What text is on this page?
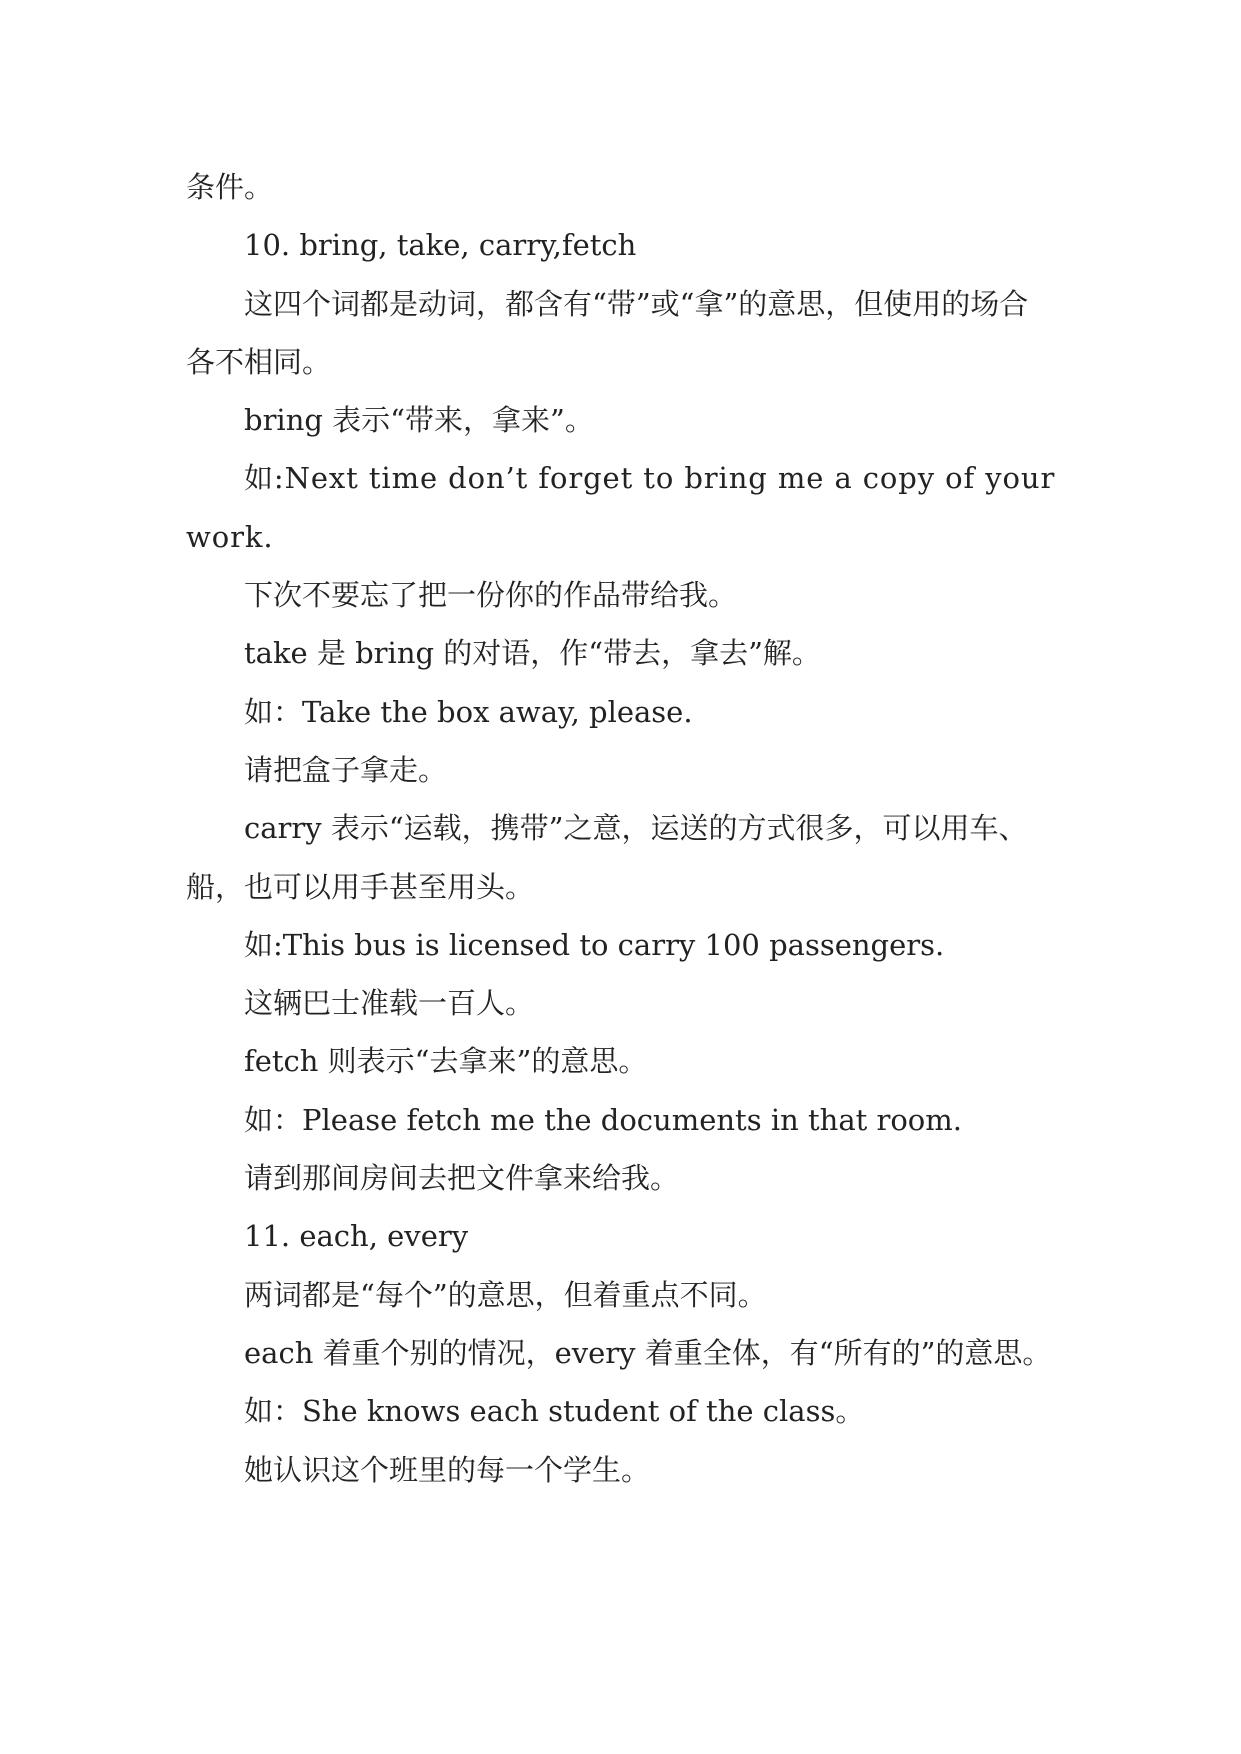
条件。

10. bring, take, carry,fetch

这四个词都是动词，都含有“带”或“拿”的意思，但使用的场合各不相同。

bring 表示“带来，拿来”。

如:Next time don’t forget to bring me a copy of your work.

下次不要忘了把一份你的作品带给我。

take 是 bring 的对语，作“带去，拿去”解。

如：Take the box away, please.

请把盒子拿走。

carry 表示“运载，携带”之意，运送的方式很多，可以用车、船，也可以用手甚至用头。

如:This bus is licensed to carry 100 passengers.

这辆巴士准载一百人。

fetch 则表示“去拿来”的意思。

如：Please fetch me the documents in that room.

请到那间房间去把文件拿来给我。

11. each, every

两词都是“每个”的意思，但着重点不同。

each 着重个别的情况，every 着重全体，有“所有的”的意思。

如：She knows each student of the class。

她认识这个班里的每一个学生。
